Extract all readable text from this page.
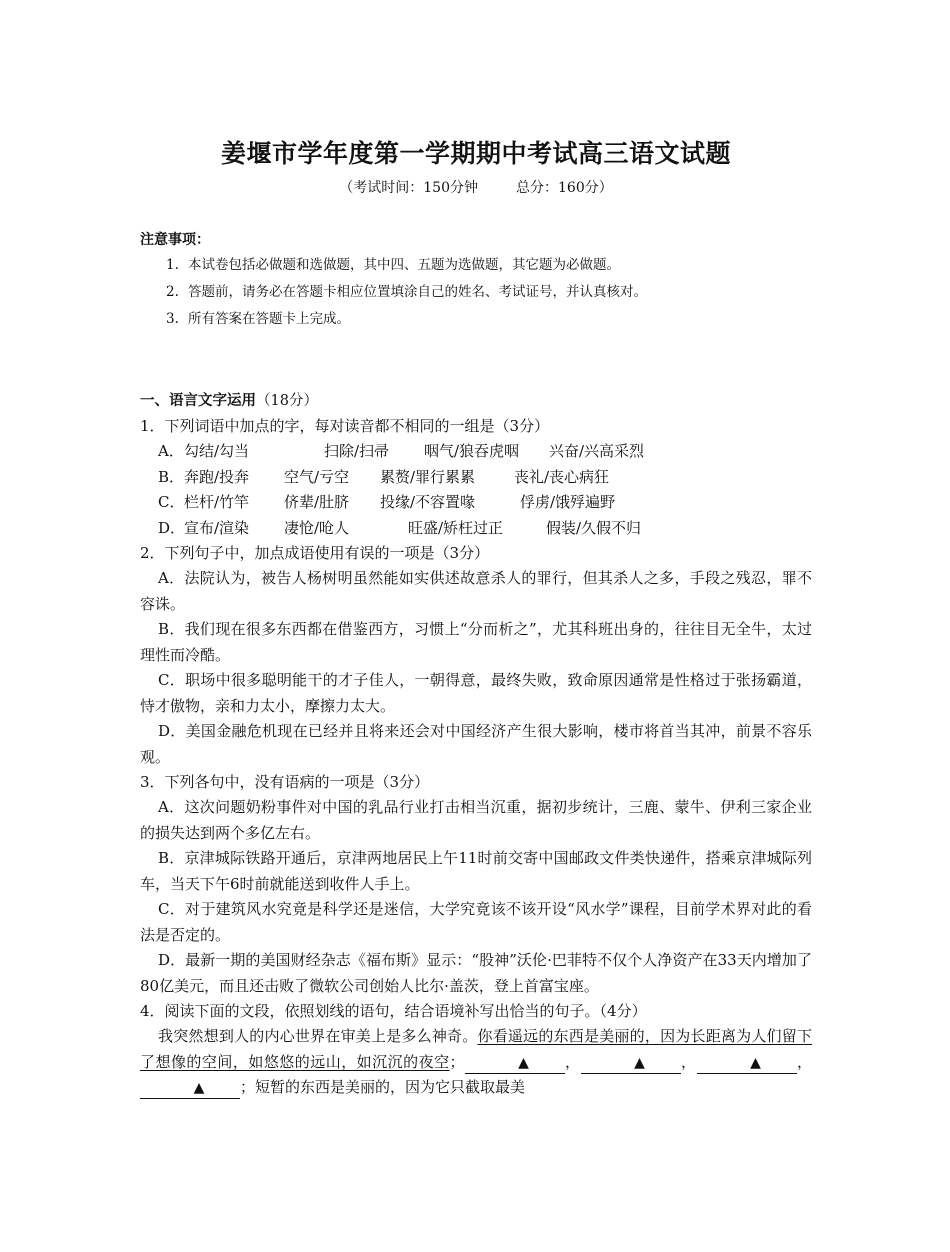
姜堰市学年度第一学期期中考试高三语文试题
（考试时间：150分钟	总分：160分）
注意事项：
1. 本试卷包括必做题和选做题，其中四、五题为选做题，其它题为必做题。
2. 答题前，请务必在答题卡相应位置填涂自己的姓名、考试证号，并认真核对。
3. 所有答案在答题卡上完成。
一、语言文字运用（18分）
1．下列词语中加点的字，每对读音都不相同的一组是（3分）
A．勾结/勾当	扫除/扫帚 咽气/狼吞虎咽 兴奋/兴高采烈
B．奔跑/投奔 空气/亏空 累赘/罪行累累	丧礼/丧心病狂
C．栏杆/竹竿 侪辈/肚脐 投缘/不容置喙	俘虏/饿殍遍野
D．宣布/渲染 凄怆/呛人	旺盛/矫枉过正	假装/久假不归
2．下列句子中，加点成语使用有误的一项是（3分）
A．法院认为，被告人杨树明虽然能如实供述故意杀人的罪行，但其杀人之多，手段之残忍，罪不容诛。
B．我们现在很多东西都在借鉴西方，习惯上“分而析之”，尤其科班出身的，往往目无全牛，太过理性而冷酷。
C．职场中很多聪明能干的才子佳人，一朝得意，最终失败，致命原因通常是性格过于张扬霸道，恃才傲物，亲和力太小，摩擦力太大。
D．美国金融危机现在已经并且将来还会对中国经济产生很大影响，楼市将首当其冲，前景不容乐观。
3．下列各句中，没有语病的一项是（3分）
A．这次问题奶粉事件对中国的乳品行业打击相当沉重，据初步统计，三鹿、蒙牛、伊利三家企业的损失达到两个多亿左右。
B．京津城际铁路开通后，京津两地居民上午11时前交寄中国邮政文件类快递件，搭乘京津城际列车，当天下午6时前就能送到收件人手上。
C．对于建筑风水究竟是科学还是迷信，大学究竟该不该开设“风水学”课程，目前学术界对此的看法是否定的。
D．最新一期的美国财经杂志《福布斯》显示：“股神”沃伦·巴菲特不仅个人净资产在33天内增加了80亿美元，而且还击败了微软公司创始人比尔·盖茨，登上首富宝座。
4．阅读下面的文段，依照划线的语句，结合语境补写出恰当的句子。（4分）
我突然想到人的内心世界在审美上是多么神奇。你看遥远的东西是美丽的，因为长距离为人们留下了想像的空间，如悠悠的远山，如沉沉的夜空；	▲ ，	▲ ，	▲ ，▲ ；短暂的东西是美丽的，因为它只截取最美
